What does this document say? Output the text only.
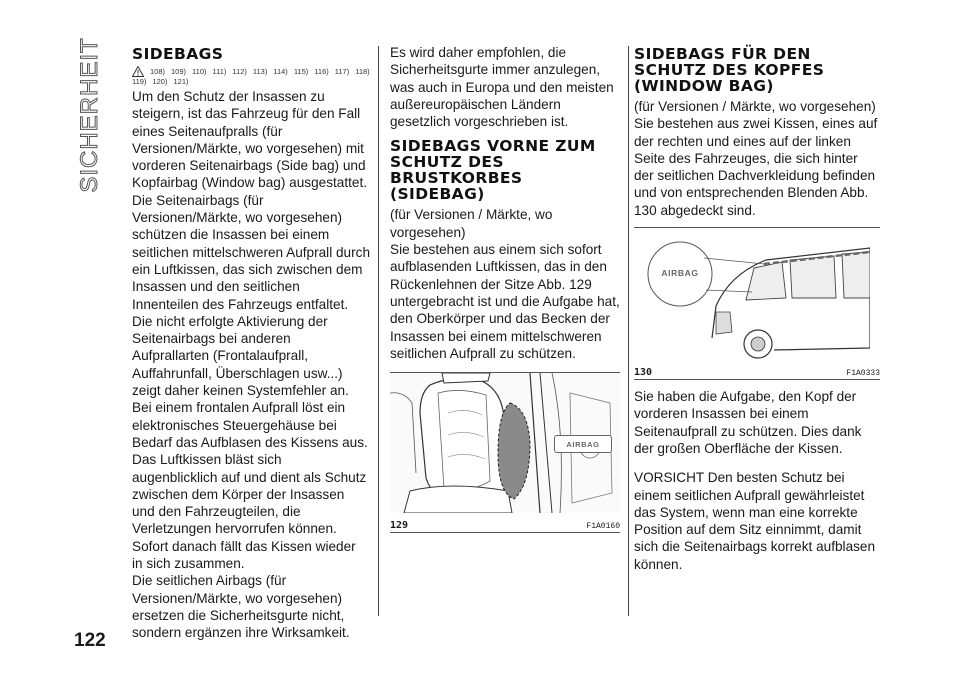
SICHERHEIT SIDEBAGS
108) 109) 110) 111) 112) 113) 114) 115) 116) 117) 118)
119) 120) 121)

Um den Schutz der Insassen zu steigern, ist das Fahrzeug für den Fall eines Seitenaufpralls (für Versionen/Märkte, wo vorgesehen) mit vorderen Seitenairbags (Side bag) und Kopfairbag (Window bag) ausgestattet.

Die Seitenairbags (für Versionen/Märkte, wo vorgesehen) schützen die Insassen bei einem seitlichen mittelschweren Aufprall durch ein Luftkissen, das sich zwischen dem Insassen und den seitlichen Innenteilen des Fahrzeugs entfaltet.

Die nicht erfolgte Aktivierung der Seitenairbags bei anderen Aufprallarten (Frontalaufprall, Auffahrunfall, Überschlagen usw...) zeigt daher keinen Systemfehler an.

Bei einem frontalen Aufprall löst ein elektronisches Steuergehäuse bei Bedarf das Aufblasen des Kissens aus.

Das Luftkissen bläst sich augenblicklich auf und dient als Schutz zwischen dem Körper der Insassen und den Fahrzeugteilen, die Verletzungen hervorrufen können. Sofort danach fällt das Kissen wieder in sich zusammen.

Die seitlichen Airbags (für Versionen/Märkte, wo vorgesehen) ersetzen die Sicherheitsgurte nicht, sondern ergänzen ihre Wirksamkeit.

Es wird daher empfohlen, die Sicherheitsgurte immer anzulegen, was auch in Europa und den meisten außereuropäischen Ländern gesetzlich vorgeschrieben ist.

SIDEBAGS VORNE ZUM SCHUTZ DES BRUSTKORBES (SIDEBAG)

(für Versionen / Märkte, wo vorgesehen)

Sie bestehen aus einem sich sofort aufblasenden Luftkissen, das in den Rückenlehnen der Sitze Abb. 129 untergebracht ist und die Aufgabe hat, den Oberkörper und das Becken der Insassen bei einem mittelschweren seitlichen Aufprall zu schützen.

AIRBAG
129	F1A0160
SIDEBAGS FÜR DEN SCHUTZ DES KOPFES (WINDOW BAG)

(für Versionen / Märkte, wo vorgesehen)

Sie bestehen aus zwei Kissen, eines auf der rechten und eines auf der linken Seite des Fahrzeuges, die sich hinter der seitlichen Dachverkleidung befinden und von entsprechenden Blenden Abb. 130 abgedeckt sind.

AIRBAG
130	F1A0333

Sie haben die Aufgabe, den Kopf der vorderen Insassen bei einem Seitenaufprall zu schützen. Dies dank der großen Oberfläche der Kissen.

VORSICHT Den besten Schutz bei einem seitlichen Aufprall gewährleistet das System, wenn man eine korrekte Position auf dem Sitz einnimmt, damit sich die Seitenairbags korrekt aufblasen können.

122
